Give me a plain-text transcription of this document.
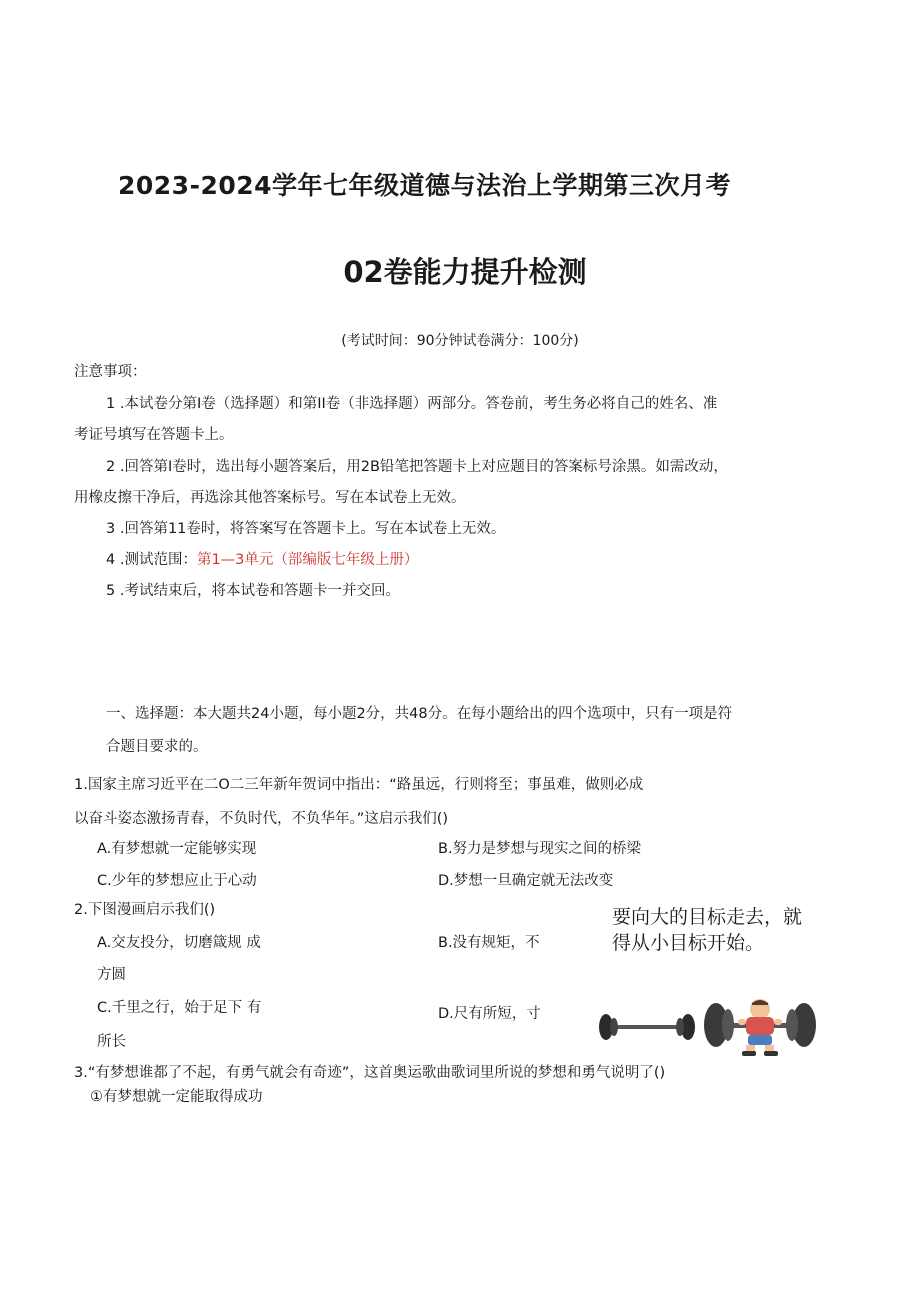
2023-2024学年七年级道德与法治上学期第三次月考
02卷能力提升检测
(考试时间：90分钟试卷满分：100分)
注意事项：
1 .本试卷分第I卷（选择题）和第II卷（非选择题）两部分。答卷前，考生务必将自己的姓名、准
考证号填写在答题卡上。
2 .回答第I卷时，选出每小题答案后，用2B铅笔把答题卡上对应题目的答案标号涂黑。如需改动，
用橡皮擦干净后，再选涂其他答案标号。写在本试卷上无效。
3 .回答第11卷时，将答案写在答题卡上。写在本试卷上无效。
4 .测试范围：第1—3单元（部编版七年级上册）
5 .考试结束后，将本试卷和答题卡一并交回。
一、选择题：本大题共24小题，每小题2分，共48分。在每小题给出的四个选项中，只有一项是符
合题目要求的。
1.国家主席习近平在二O二三年新年贺词中指出：“路虽远，行则将至；事虽难，做则必成
以奋斗姿态激扬青春，不负时代，不负华年。”这启示我们()
A.有梦想就一定能够实现	B.努力是梦想与现实之间的桥梁
C.少年的梦想应止于心动	D.梦想一旦确定就无法改变
2.下图漫画启示我们()
A.交友投分，切磨箴规 成	B.没有规矩，不
方圆
C.千里之行，始于足下 有
所长
D.尺有所短，寸
要向大的目标走去，就得从小目标开始。
3.“有梦想谁都了不起，有勇气就会有奇迹”，这首奥运歌曲歌词里所说的梦想和勇气说明了()
①有梦想就一定能取得成功
